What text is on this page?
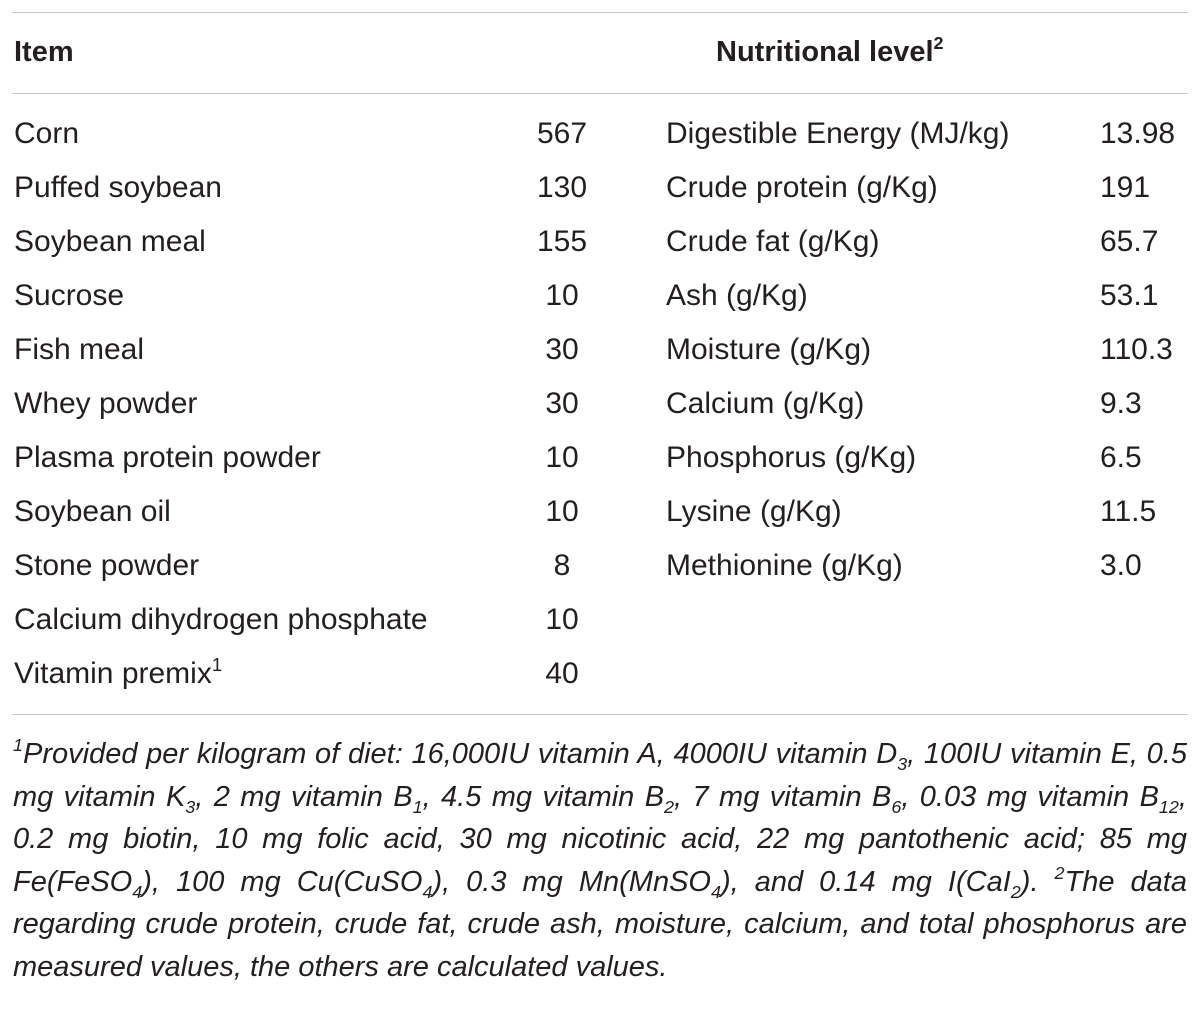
Item	Nutritional level$^2$
Corn	567	Digestible Energy (MJ/kg)	13.98
Puffed soybean	130	Crude protein (g/Kg)	191
Soybean meal	155	Crude fat (g/Kg)	65.7
Sucrose	10	Ash (g/Kg)	53.1
Fish meal	30	Moisture (g/Kg)	110.3
Whey powder	30	Calcium (g/Kg)	9.3
Plasma protein powder	10	Phosphorus (g/Kg)	6.5
Soybean oil	10	Lysine (g/Kg)	11.5
Stone powder	8	Methionine (g/Kg)	3.0
Calcium dihydrogen phosphate	10
Vitamin premix$^1$	40
$^1$Provided per kilogram of diet: 16,000IU vitamin A, 4000IU vitamin $D_3$, 100IU vitamin E, 0.5 mg vitamin $K_3$, 2 mg vitamin $B_1$, 4.5 mg vitamin $B_2$, 7 mg vitamin $B_6$, 0.03 mg vitamin $B_{12}$, 0.2 mg biotin, 10 mg folic acid, 30 mg nicotinic acid, 22 mg pantothenic acid; 85 mg Fe(FeSO$_4$), 100 mg Cu(CuSO$_4$), 0.3 mg Mn(MnSO$_4$), and 0.14 mg I(CaI$_2$). $^2$The data regarding crude protein, crude fat, crude ash, moisture, calcium, and total phosphorus are measured values, the others are calculated values.
